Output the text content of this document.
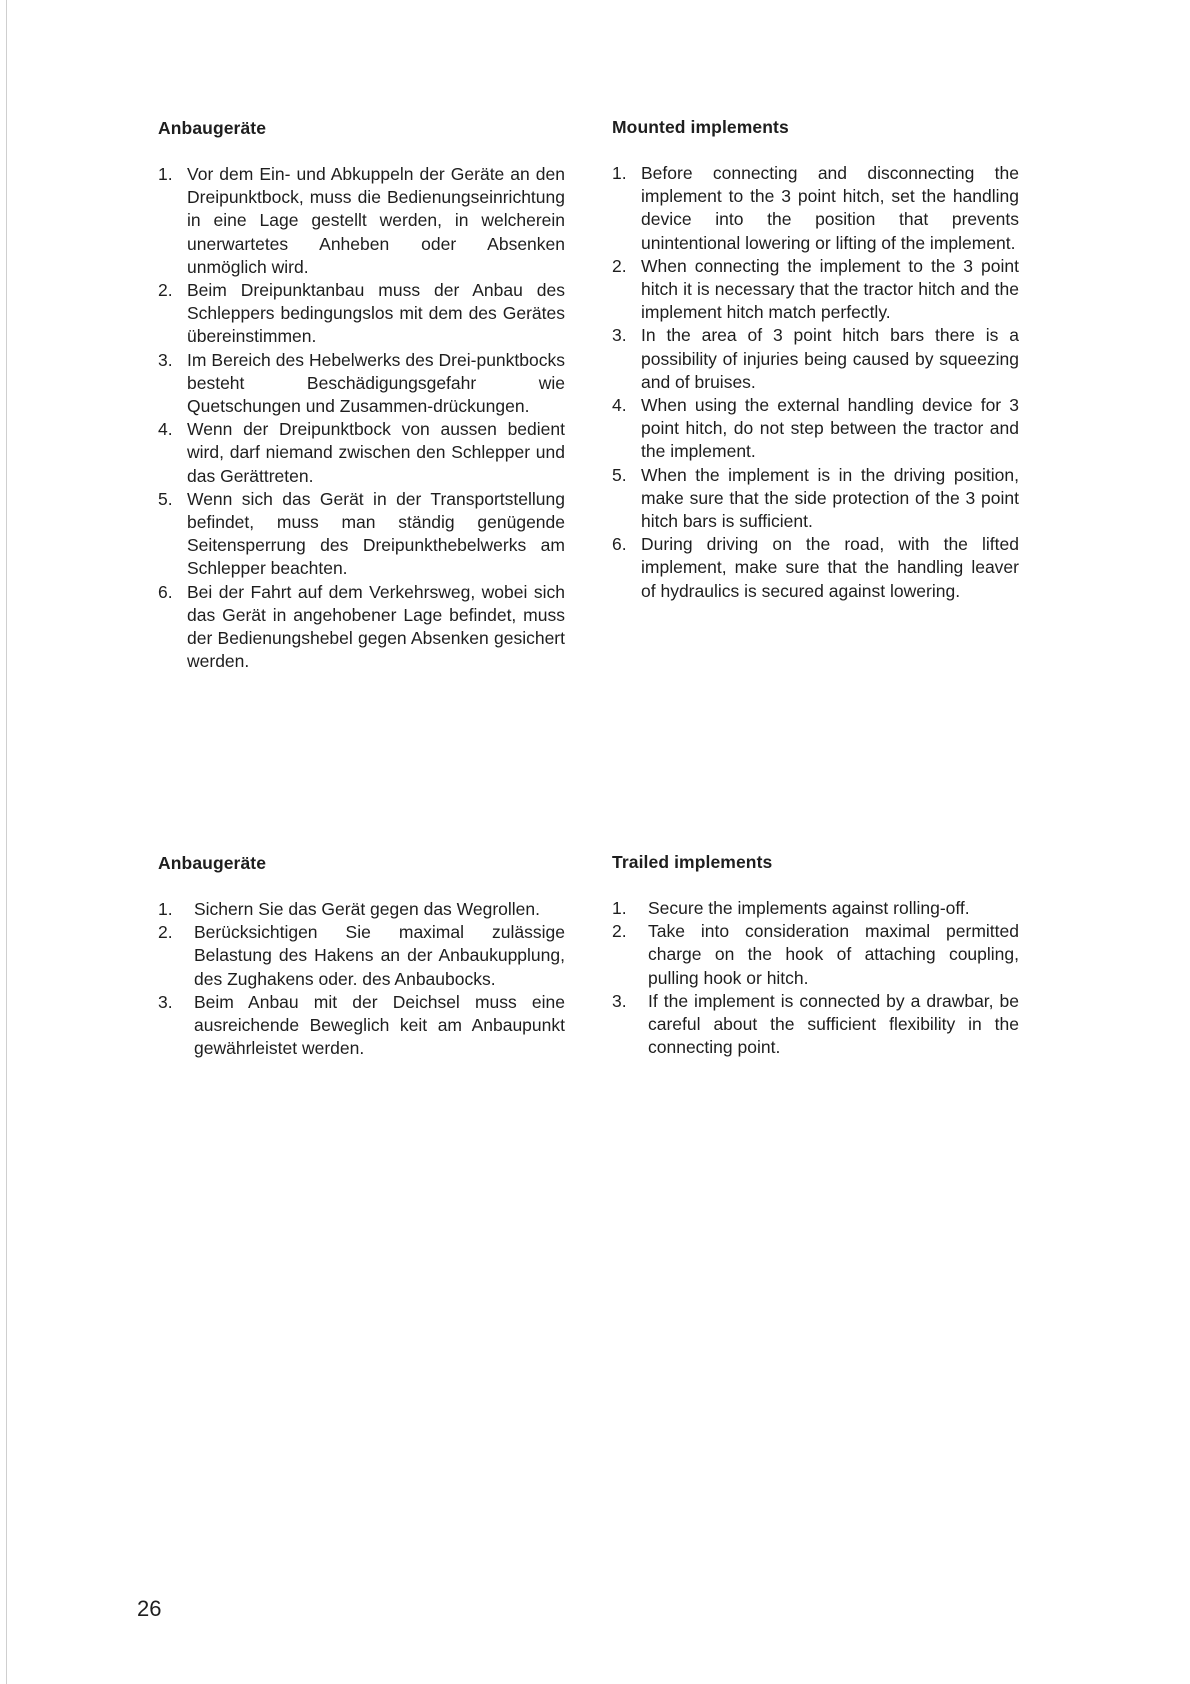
Anbaugeräte
1. Vor dem Ein- und Abkuppeln der Geräte an den Dreipunktbock, muss die Bedienungseinrichtung in eine Lage gestellt werden, in welcherein unerwartetes Anheben oder Absenken unmöglich wird.
2. Beim Dreipunktanbau muss der Anbau des Schleppers bedingungslos mit dem des Gerätes übereinstimmen.
3. Im Bereich des Hebelwerks des Drei-punktbocks besteht Beschädigungsgefahr wie Quetschungen und Zusammen-drückungen.
4. Wenn der Dreipunktbock von aussen bedient wird, darf niemand zwischen den Schlepper und das Gerättreten.
5. Wenn sich das Gerät in der Transportstellung befindet, muss man ständig genügende Seitensperrung des Dreipunkthebelwerks am Schlepper beachten.
6. Bei der Fahrt auf dem Verkehrsweg, wobei sich das Gerät in angehobener Lage befindet, muss der Bedienungshebel gegen Absenken gesichert werden.
Mounted implements
1. Before connecting and disconnecting the implement to the 3 point hitch, set the handling device into the position that prevents unintentional lowering or lifting of the implement.
2. When connecting the implement to the 3 point hitch it is necessary that the tractor hitch and the implement hitch match perfectly.
3. In the area of 3 point hitch bars there is a possibility of injuries being caused by squeezing and of bruises.
4. When using the external handling device for 3 point hitch, do not step between the tractor and the implement.
5. When the implement is in the driving position, make sure that the side protection of the 3 point hitch bars is sufficient.
6. During driving on the road, with the lifted implement, make sure that the handling leaver of hydraulics is secured against lowering.
Anbaugeräte
1. Sichern Sie das Gerät gegen das Wegrollen.
2. Berücksichtigen Sie maximal zulässige Belastung des Hakens an der Anbaukupplung, des Zughakens oder. des Anbaubocks.
3. Beim Anbau mit der Deichsel muss eine ausreichende Beweglich keit am Anbaupunkt gewährleistet werden.
Trailed implements
1. Secure the implements against rolling-off.
2. Take into consideration maximal permitted charge on the hook of attaching coupling, pulling hook or hitch.
3. If the implement is connected by a drawbar, be careful about the sufficient flexibility in the connecting point.
26
